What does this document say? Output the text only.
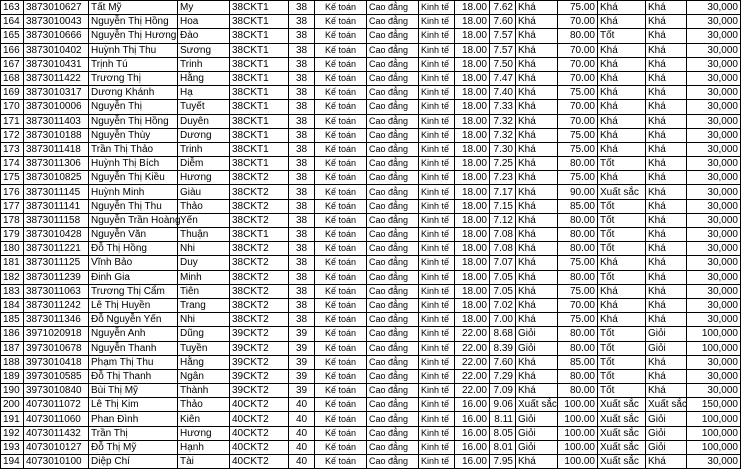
163	3873010627	Tất Mỹ	My	38CKT1	38	Kế toán	Cao đẳng	Kinh tế	18.00	7.62	Khá	75.00	Khá	Khá	30,000
164	3873010043	Nguyễn Thị Hồng	Hoa	38CKT1	38	Kế toán	Cao đẳng	Kinh tế	18.00	7.60	Khá	70.00	Khá	Khá	30,000
165	3873010666	Nguyễn Thị Hương	Đào	38CKT1	38	Kế toán	Cao đẳng	Kinh tế	18.00	7.57	Khá	80.00	Tốt	Khá	30,000
166	3873010402	Huỳnh Thị Thu	Sương	38CKT1	38	Kế toán	Cao đẳng	Kinh tế	18.00	7.57	Khá	70.00	Khá	Khá	30,000
167	3873010431	Trịnh Tú	Trinh	38CKT1	38	Kế toán	Cao đẳng	Kinh tế	18.00	7.50	Khá	70.00	Khá	Khá	30,000
168	3873011422	Trương Thị	Hằng	38CKT1	38	Kế toán	Cao đẳng	Kinh tế	18.00	7.47	Khá	70.00	Khá	Khá	30,000
169	3873010317	Dương Khánh	Hạ	38CKT1	38	Kế toán	Cao đẳng	Kinh tế	18.00	7.40	Khá	75.00	Khá	Khá	30,000
170	3873010006	Nguyễn Thị	Tuyết	38CKT1	38	Kế toán	Cao đẳng	Kinh tế	18.00	7.33	Khá	70.00	Khá	Khá	30,000
171	3873011403	Nguyễn Thị Hồng	Duyên	38CKT1	38	Kế toán	Cao đẳng	Kinh tế	18.00	7.32	Khá	70.00	Khá	Khá	30,000
172	3873010188	Nguyễn Thùy	Dương	38CKT1	38	Kế toán	Cao đẳng	Kinh tế	18.00	7.32	Khá	75.00	Khá	Khá	30,000
173	3873011418	Trần Thị Thảo	Trinh	38CKT1	38	Kế toán	Cao đẳng	Kinh tế	18.00	7.30	Khá	75.00	Khá	Khá	30,000
174	3873011306	Huỳnh Thị Bích	Diễm	38CKT1	38	Kế toán	Cao đẳng	Kinh tế	18.00	7.25	Khá	80.00	Tốt	Khá	30,000
175	3873010825	Nguyễn Thị Kiều	Hương	38CKT2	38	Kế toán	Cao đẳng	Kinh tế	18.00	7.23	Khá	75.00	Khá	Khá	30,000
176	3873011145	Huỳnh Minh	Giàu	38CKT2	38	Kế toán	Cao đẳng	Kinh tế	18.00	7.17	Khá	90.00	Xuất sắc	Khá	30,000
177	3873011141	Nguyễn Thị Thu	Thảo	38CKT2	38	Kế toán	Cao đẳng	Kinh tế	18.00	7.15	Khá	85.00	Tốt	Khá	30,000
178	3873011158	Nguyễn Trần Hoàng	Yến	38CKT2	38	Kế toán	Cao đẳng	Kinh tế	18.00	7.12	Khá	80.00	Tốt	Khá	30,000
179	3873010428	Nguyễn Văn	Thuận	38CKT1	38	Kế toán	Cao đẳng	Kinh tế	18.00	7.08	Khá	80.00	Tốt	Khá	30,000
180	3873011221	Đỗ Thị Hồng	Nhi	38CKT2	38	Kế toán	Cao đẳng	Kinh tế	18.00	7.08	Khá	80.00	Tốt	Khá	30,000
181	3873011125	Vĩnh Bảo	Duy	38CKT2	38	Kế toán	Cao đẳng	Kinh tế	18.00	7.07	Khá	75.00	Khá	Khá	30,000
182	3873011239	Đinh Gia	Minh	38CKT2	38	Kế toán	Cao đẳng	Kinh tế	18.00	7.05	Khá	80.00	Tốt	Khá	30,000
183	3873011063	Trương Thị Cẩm	Tiên	38CKT2	38	Kế toán	Cao đẳng	Kinh tế	18.00	7.05	Khá	75.00	Khá	Khá	30,000
184	3873011242	Lê Thị Huyền	Trang	38CKT2	38	Kế toán	Cao đẳng	Kinh tế	18.00	7.02	Khá	70.00	Khá	Khá	30,000
185	3873011346	Đỗ Nguyễn Yến	Nhi	38CKT2	38	Kế toán	Cao đẳng	Kinh tế	18.00	7.00	Khá	75.00	Khá	Khá	30,000
186	3971020918	Nguyễn Anh	Dũng	39CKT2	39	Kế toán	Cao đẳng	Kinh tế	22.00	8.68	Giỏi	80.00	Tốt	Giỏi	100,000
187	3973010678	Nguyễn Thanh	Tuyền	39CKT2	39	Kế toán	Cao đẳng	Kinh tế	22.00	8.39	Giỏi	80.00	Tốt	Giỏi	100,000
188	3973010418	Phạm Thị Thu	Hằng	39CKT2	39	Kế toán	Cao đẳng	Kinh tế	22.00	7.60	Khá	85.00	Tốt	Khá	30,000
189	3973010585	Đỗ Thị Thanh	Ngân	39CKT2	39	Kế toán	Cao đẳng	Kinh tế	22.00	7.29	Khá	80.00	Tốt	Khá	30,000
190	3973010840	Bùi Thị Mỹ	Thành	39CKT2	39	Kế toán	Cao đẳng	Kinh tế	22.00	7.09	Khá	80.00	Tốt	Khá	30,000
200	4073011072	Lê Thị Kim	Thảo	40CKT2	40	Kế toán	Cao đẳng	Kinh tế	16.00	9.06	Xuất sắc	100.00	Xuất sắc	Xuất sắc	150,000
191	4073011060	Phan Đình	Kiên	40CKT2	40	Kế toán	Cao đẳng	Kinh tế	16.00	8.11	Giỏi	100.00	Xuất sắc	Giỏi	100,000
192	4073011432	Trần Thị	Hương	40CKT2	40	Kế toán	Cao đẳng	Kinh tế	16.00	8.05	Giỏi	100.00	Xuất sắc	Giỏi	100,000
193	4073010127	Đỗ Thị Mỹ	Hạnh	40CKT2	40	Kế toán	Cao đẳng	Kinh tế	16.00	8.01	Giỏi	100.00	Xuất sắc	Giỏi	100,000
194	4073010100	Diệp Chí	Tài	40CKT2	40	Kế toán	Cao đẳng	Kinh tế	16.00	7.95	Khá	100.00	Xuất sắc	Khá	30,000
